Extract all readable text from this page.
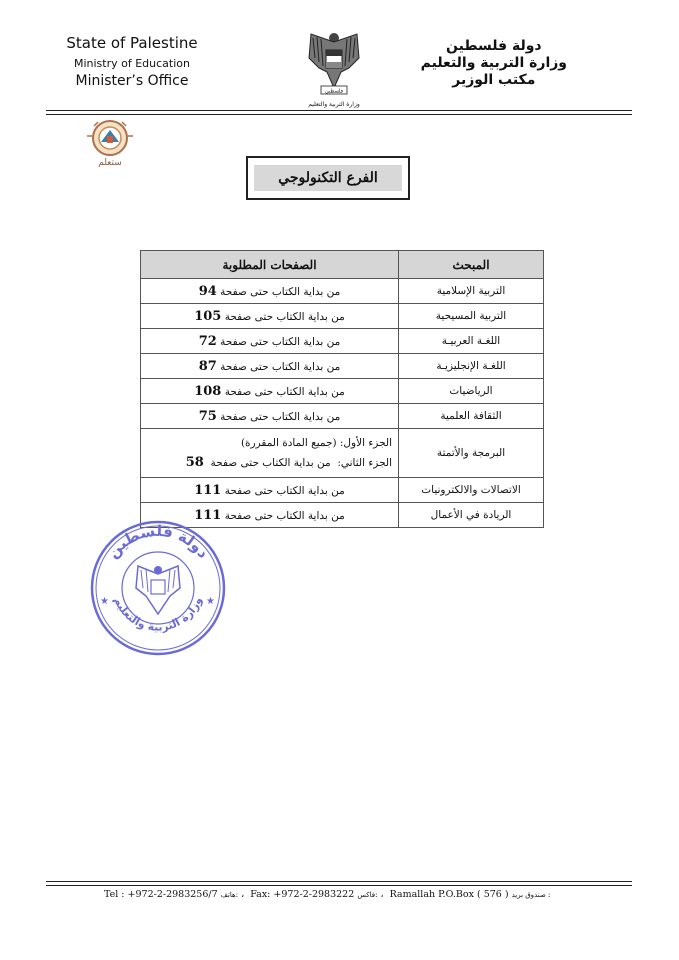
State of Palestine
Ministry of Education
Minister’s Office
فلسطين
وزارة التربية والتعليم
دولة فلسطين
وزارة التربية والتعليم
مكتب الوزير
ستعلم
الفرع التكنولوجي
المبحث	الصفحات المطلوبة
التربية الإسلامية	من بداية الكتاب حتى صفحة 94
التربية المسيحية	من بداية الكتاب حتى صفحة 105
اللغـة العربيـة	من بداية الكتاب حتى صفحة 72
اللغـة الإنجليزيـة	من بداية الكتاب حتى صفحة 87
الرياضيات	من بداية الكتاب حتى صفحة 108
الثقافة العلمية	من بداية الكتاب حتى صفحة 75
البرمجة والأتمتة	الجزء الأول: (جميع المادة المقررة)
الجزء الثاني:  من بداية الكتاب حتى صفحة  58

الاتصالات والالكترونيات	من بداية الكتاب حتى صفحة 111
الريادة في الأعمال	من بداية الكتاب حتى صفحة 111
دولة فلسطين
وزارة التربية والتعليم
★	★
Tel : +972-2-2983256/7 هاتف: ،  Fax: +972-2-2983222 فاكس: ،  Ramallah P.O.Box ( 576 ) صندوق بريد :
